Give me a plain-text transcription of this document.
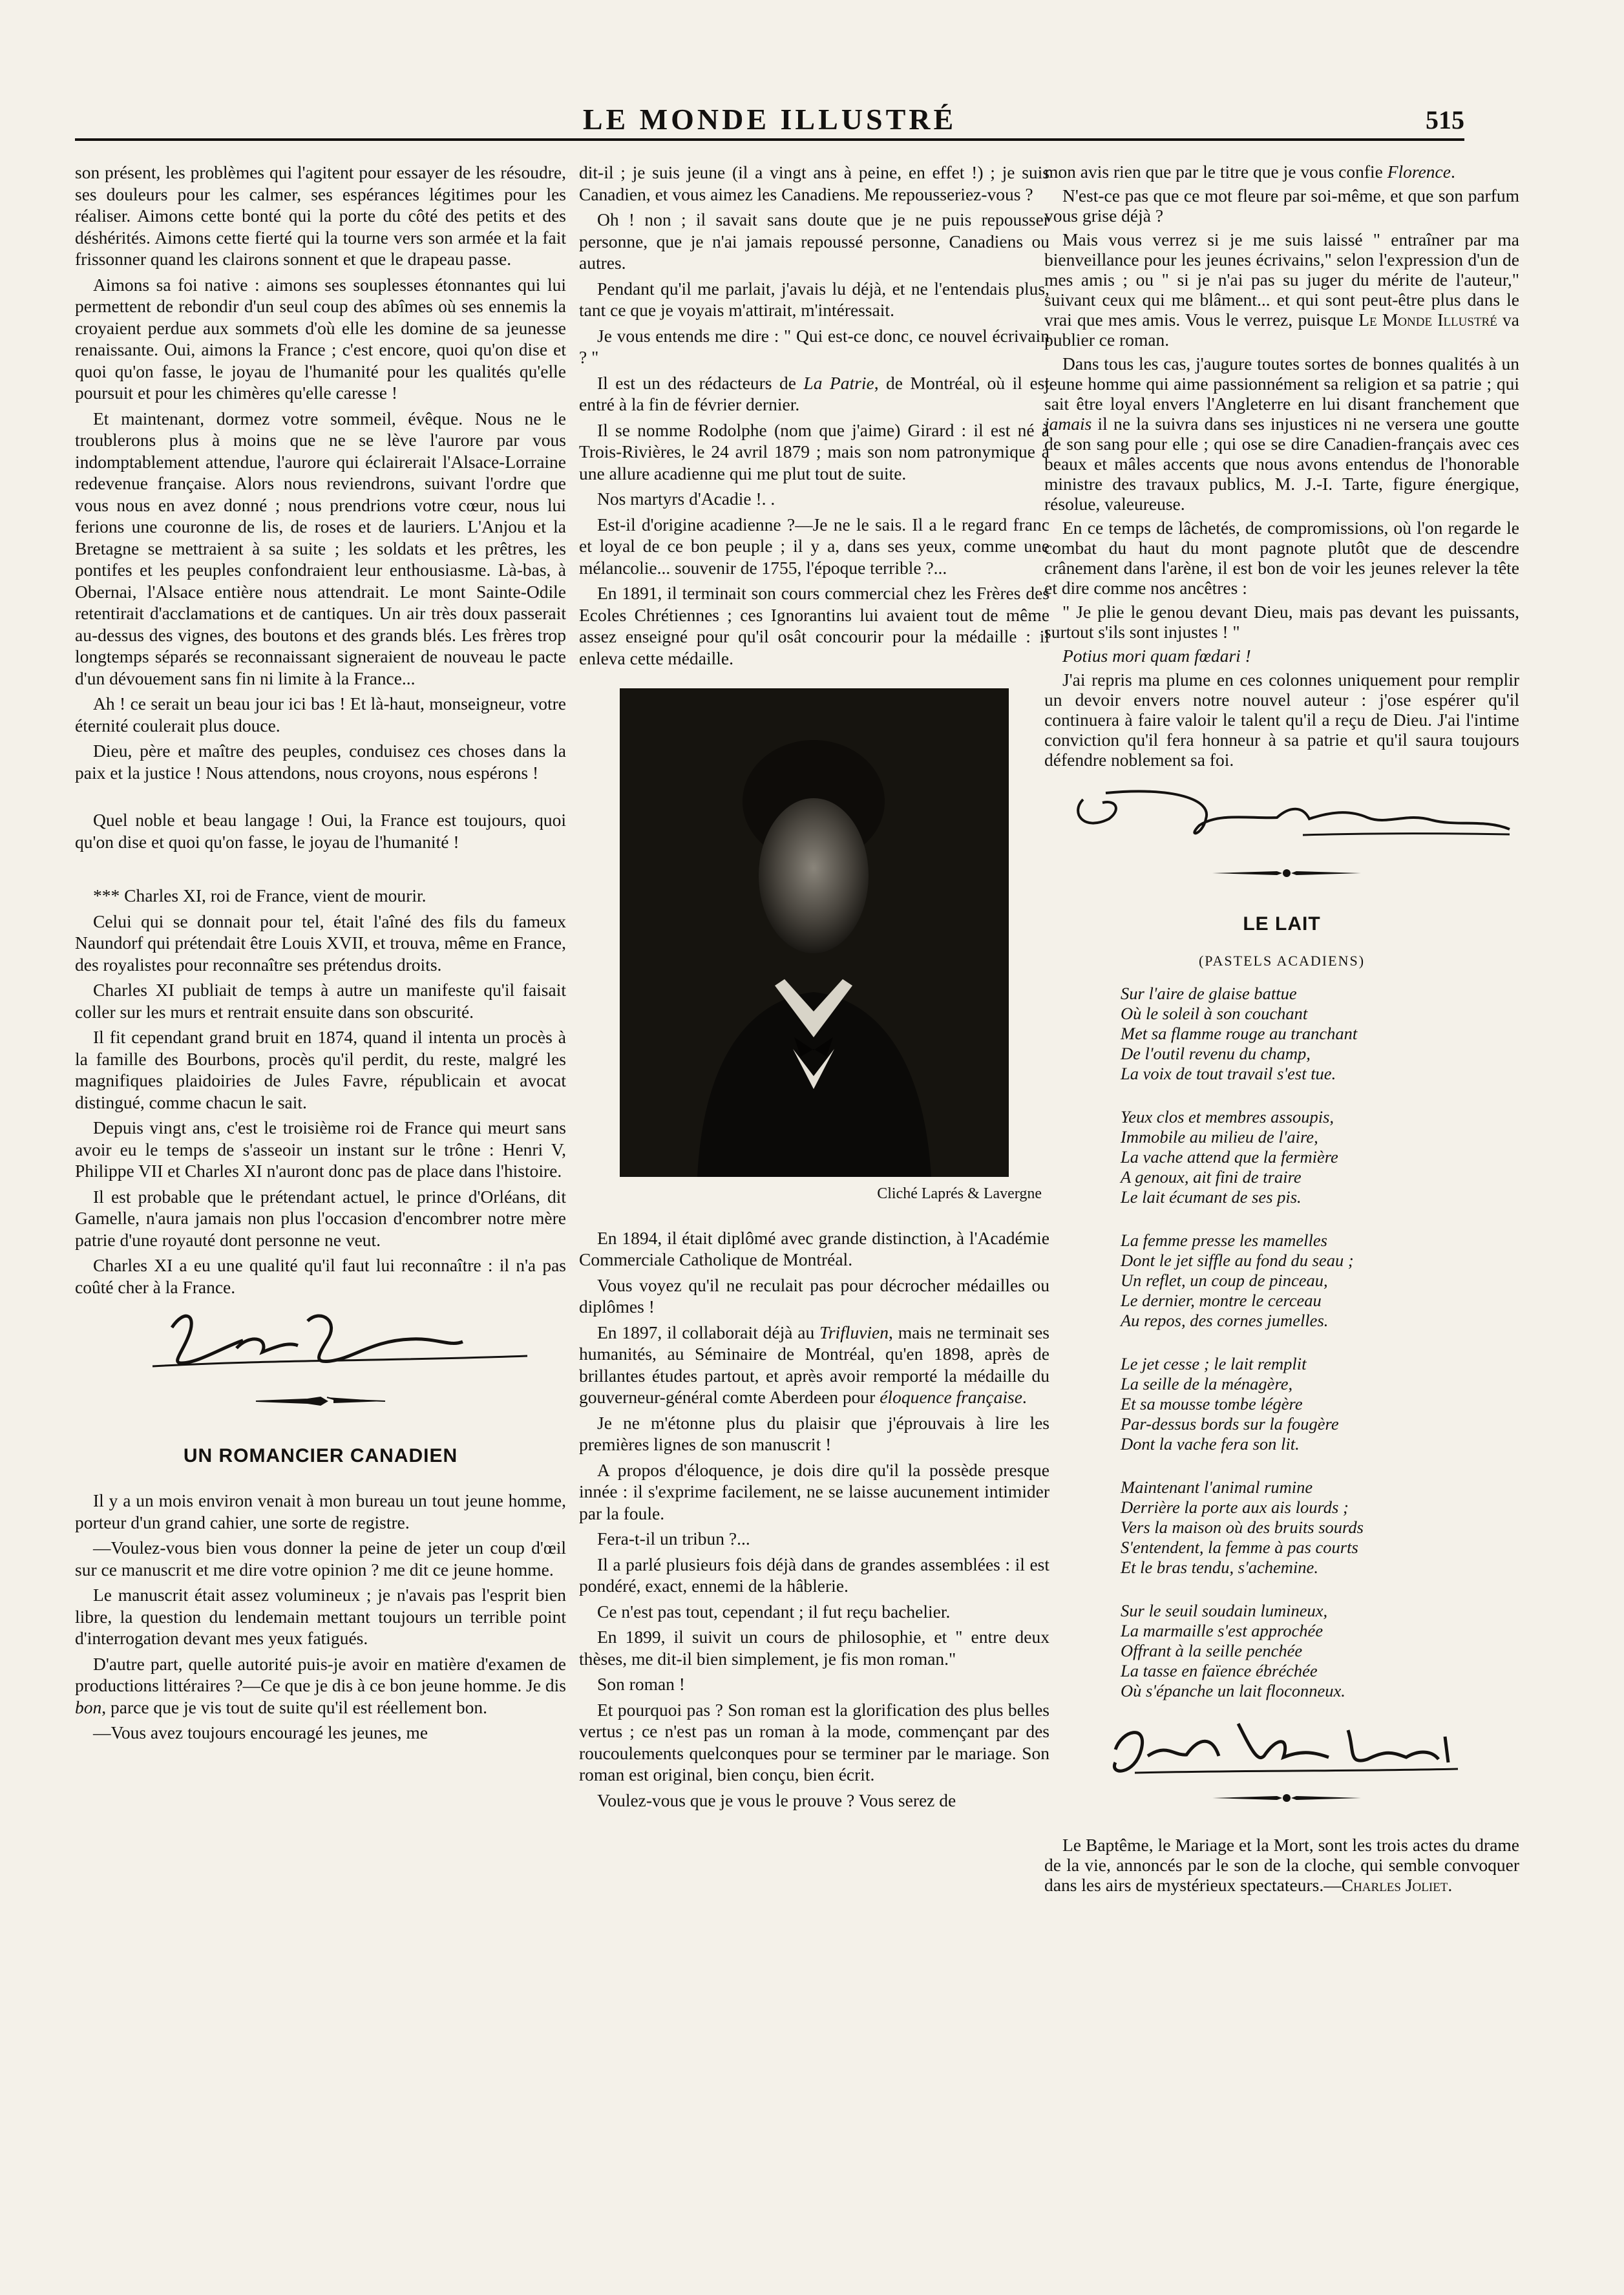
LE MONDE ILLUSTRÉ	515

son présent, les problèmes qui l'agitent pour essayer de les résoudre, ses douleurs pour les calmer, ses espérances légitimes pour les réaliser. Aimons cette bonté qui la porte du côté des petits et des déshérités. Aimons cette fierté qui la tourne vers son armée et la fait frissonner quand les clairons sonnent et que le drapeau passe.

Aimons sa foi native : aimons ses souplesses étonnantes qui lui permettent de rebondir d'un seul coup des abîmes où ses ennemis la croyaient perdue aux sommets d'où elle les domine de sa jeunesse renaissante. Oui, aimons la France ; c'est encore, quoi qu'on dise et quoi qu'on fasse, le joyau de l'humanité pour les qualités qu'elle poursuit et pour les chimères qu'elle caresse !

Et maintenant, dormez votre sommeil, évêque. Nous ne le troublerons plus à moins que ne se lève l'aurore par vous indomptablement attendue, l'aurore qui éclairerait l'Alsace-Lorraine redevenue française. Alors nous reviendrons, suivant l'ordre que vous nous en avez donné ; nous prendrions votre cœur, nous lui ferions une couronne de lis, de roses et de lauriers. L'Anjou et la Bretagne se mettraient à sa suite ; les soldats et les prêtres, les pontifes et les peuples confondraient leur enthousiasme. Là-bas, à Obernai, l'Alsace entière nous attendrait. Le mont Sainte-Odile retentirait d'acclamations et de cantiques. Un air très doux passerait au-dessus des vignes, des boutons et des grands blés. Les frères trop longtemps séparés se reconnaissant signeraient de nouveau le pacte d'un dévouement sans fin ni limite à la France...

Ah ! ce serait un beau jour ici bas ! Et là-haut, monseigneur, votre éternité coulerait plus douce.

Dieu, père et maître des peuples, conduisez ces choses dans la paix et la justice ! Nous attendons, nous croyons, nous espérons !

Quel noble et beau langage ! Oui, la France est toujours, quoi qu'on dise et quoi qu'on fasse, le joyau de l'humanité !

*** Charles XI, roi de France, vient de mourir.

Celui qui se donnait pour tel, était l'aîné des fils du fameux Naundorf qui prétendait être Louis XVII, et trouva, même en France, des royalistes pour reconnaître ses prétendus droits.

Charles XI publiait de temps à autre un manifeste qu'il faisait coller sur les murs et rentrait ensuite dans son obscurité.

Il fit cependant grand bruit en 1874, quand il intenta un procès à la famille des Bourbons, procès qu'il perdit, du reste, malgré les magnifiques plaidoiries de Jules Favre, républicain et avocat distingué, comme chacun le sait.

Depuis vingt ans, c'est le troisième roi de France qui meurt sans avoir eu le temps de s'asseoir un instant sur le trône : Henri V, Philippe VII et Charles XI n'auront donc pas de place dans l'histoire.

Il est probable que le prétendant actuel, le prince d'Orléans, dit Gamelle, n'aura jamais non plus l'occasion d'encombrer notre mère patrie d'une royauté dont personne ne veut.

Charles XI a eu une qualité qu'il faut lui reconnaître : il n'a pas coûté cher à la France.

UN ROMANCIER CANADIEN

Il y a un mois environ venait à mon bureau un tout jeune homme, porteur d'un grand cahier, une sorte de registre.

—Voulez-vous bien vous donner la peine de jeter un coup d'œil sur ce manuscrit et me dire votre opinion ? me dit ce jeune homme.

Le manuscrit était assez volumineux ; je n'avais pas l'esprit bien libre, la question du lendemain mettant toujours un terrible point d'interrogation devant mes yeux fatigués.

D'autre part, quelle autorité puis-je avoir en matière d'examen de productions littéraires ?—Ce que je dis à ce bon jeune homme. Je dis bon, parce que je vis tout de suite qu'il est réellement bon.

—Vous avez toujours encouragé les jeunes, me

dit-il ; je suis jeune (il a vingt ans à peine, en effet !) ; je suis Canadien, et vous aimez les Canadiens. Me repousseriez-vous ?

Oh ! non ; il savait sans doute que je ne puis repousser personne, que je n'ai jamais repoussé personne, Canadiens ou autres.

Pendant qu'il me parlait, j'avais lu déjà, et ne l'entendais plus, tant ce que je voyais m'attirait, m'intéressait.

Je vous entends me dire : " Qui est-ce donc, ce nouvel écrivain ? "

Il est un des rédacteurs de La Patrie, de Montréal, où il est entré à la fin de février dernier.

Il se nomme Rodolphe (nom que j'aime) Girard : il est né à Trois-Rivières, le 24 avril 1879 ; mais son nom patronymique a une allure acadienne qui me plut tout de suite.

Nos martyrs d'Acadie !. .

Est-il d'origine acadienne ?—Je ne le sais. Il a le regard franc et loyal de ce bon peuple ; il y a, dans ses yeux, comme une mélancolie... souvenir de 1755, l'époque terrible ?...

En 1891, il terminait son cours commercial chez les Frères des Ecoles Chrétiennes ; ces Ignorantins lui avaient tout de même assez enseigné pour qu'il osât concourir pour la médaille : il enleva cette médaille.

Cliché Laprés & Lavergne

En 1894, il était diplômé avec grande distinction, à l'Académie Commerciale Catholique de Montréal.

Vous voyez qu'il ne reculait pas pour décrocher médailles ou diplômes !

En 1897, il collaborait déjà au Trifluvien, mais ne terminait ses humanités, au Séminaire de Montréal, qu'en 1898, après de brillantes études partout, et après avoir remporté la médaille du gouverneur-général comte Aberdeen pour éloquence française.

Je ne m'étonne plus du plaisir que j'éprouvais à lire les premières lignes de son manuscrit !

A propos d'éloquence, je dois dire qu'il la possède presque innée : il s'exprime facilement, ne se laisse aucunement intimider par la foule.

Fera-t-il un tribun ?...

Il a parlé plusieurs fois déjà dans de grandes assemblées : il est pondéré, exact, ennemi de la hâblerie.

Ce n'est pas tout, cependant ; il fut reçu bachelier.

En 1899, il suivit un cours de philosophie, et " entre deux thèses, me dit-il bien simplement, je fis mon roman."

Son roman !

Et pourquoi pas ? Son roman est la glorification des plus belles vertus ; ce n'est pas un roman à la mode, commençant par des roucoulements quelconques pour se terminer par le mariage. Son roman est original, bien conçu, bien écrit.

Voulez-vous que je vous le prouve ? Vous serez de

mon avis rien que par le titre que je vous confie Florence.

N'est-ce pas que ce mot fleure par soi-même, et que son parfum vous grise déjà ?

Mais vous verrez si je me suis laissé " entraîner par ma bienveillance pour les jeunes écrivains," selon l'expression d'un de mes amis ; ou " si je n'ai pas su juger du mérite de l'auteur," suivant ceux qui me blâment... et qui sont peut-être plus dans le vrai que mes amis. Vous le verrez, puisque Le Monde Illustré va publier ce roman.

Dans tous les cas, j'augure toutes sortes de bonnes qualités à un jeune homme qui aime passionnément sa religion et sa patrie ; qui sait être loyal envers l'Angleterre en lui disant franchement que jamais il ne la suivra dans ses injustices ni ne versera une goutte de son sang pour elle ; qui ose se dire Canadien-français avec ces beaux et mâles accents que nous avons entendus de l'honorable ministre des travaux publics, M. J.-I. Tarte, figure énergique, résolue, valeureuse.

En ce temps de lâchetés, de compromissions, où l'on regarde le combat du haut du mont pagnote plutôt que de descendre crânement dans l'arène, il est bon de voir les jeunes relever la tête et dire comme nos ancêtres :

" Je plie le genou devant Dieu, mais pas devant les puissants, surtout s'ils sont injustes ! "

Potius mori quam fœdari !

J'ai repris ma plume en ces colonnes uniquement pour remplir un devoir envers notre nouvel auteur : j'ose espérer qu'il continuera à faire valoir le talent qu'il a reçu de Dieu. J'ai l'intime conviction qu'il fera honneur à sa patrie et qu'il saura toujours défendre noblement sa foi.

LE LAIT
(PASTELS ACADIENS)
Sur l'aire de glaise battue
Où le soleil à son couchant
Met sa flamme rouge au tranchant
De l'outil revenu du champ,
La voix de tout travail s'est tue.
Yeux clos et membres assoupis,
Immobile au milieu de l'aire,
La vache attend que la fermière
A genoux, ait fini de traire
Le lait écumant de ses pis.
La femme presse les mamelles
Dont le jet siffle au fond du seau ;
Un reflet, un coup de pinceau,
Le dernier, montre le cerceau
Au repos, des cornes jumelles.
Le jet cesse ; le lait remplit
La seille de la ménagère,
Et sa mousse tombe légère
Par-dessus bords sur la fougère
Dont la vache fera son lit.
Maintenant l'animal rumine
Derrière la porte aux ais lourds ;
Vers la maison où des bruits sourds
S'entendent, la femme à pas courts
Et le bras tendu, s'achemine.
Sur le seuil soudain lumineux,
La marmaille s'est approchée
Offrant à la seille penchée
La tasse en faïence ébréchée
Où s'épanche un lait floconneux.

Le Baptême, le Mariage et la Mort, sont les trois actes du drame de la vie, annoncés par le son de la cloche, qui semble convoquer dans les airs de mystérieux spectateurs.—Charles Joliet.
